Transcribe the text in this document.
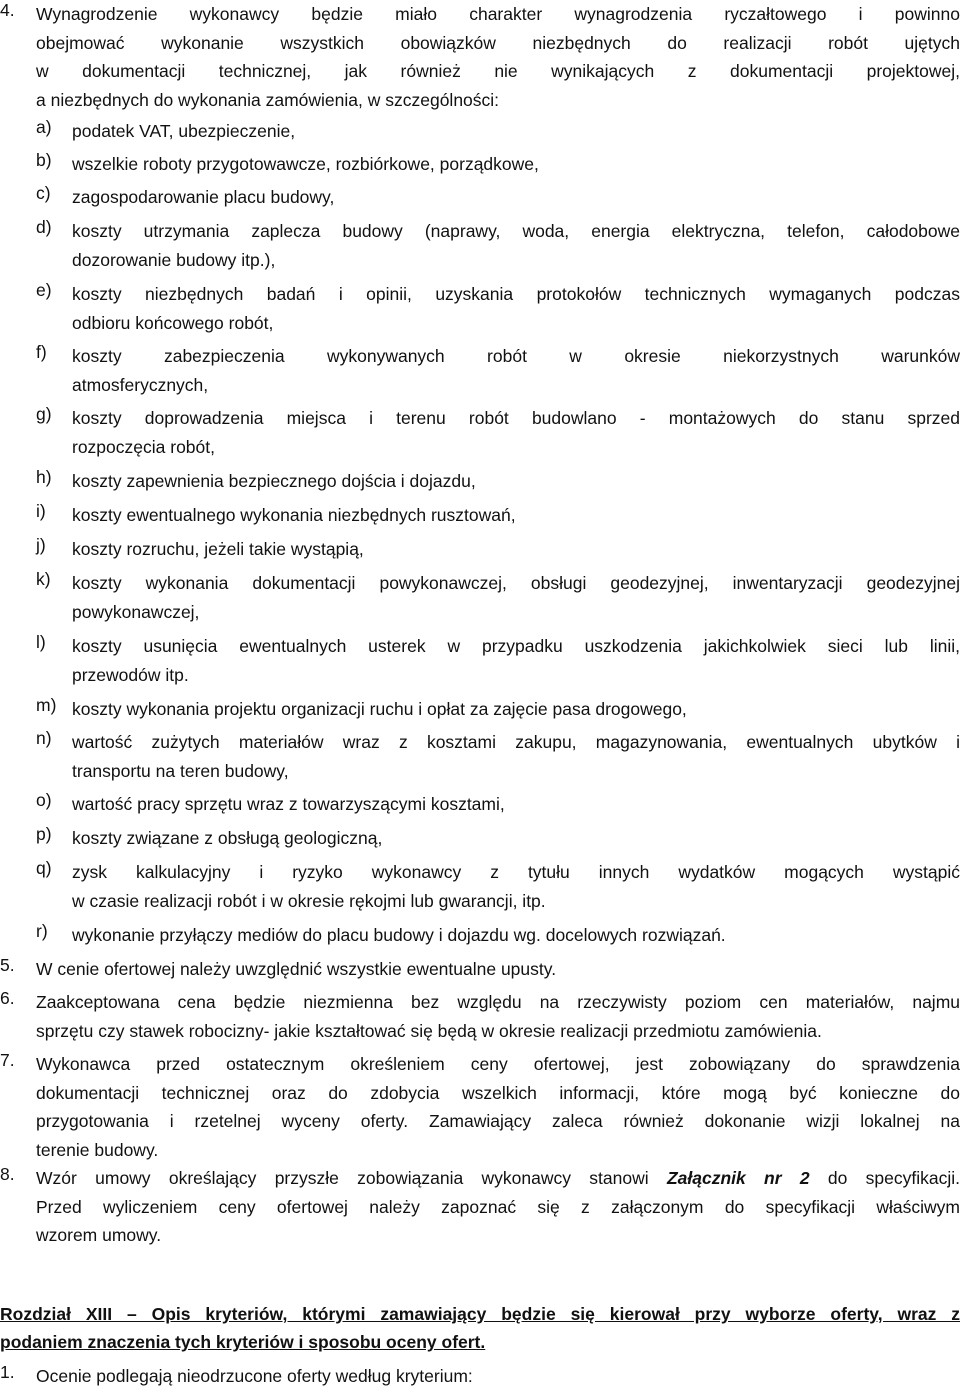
4.	Wynagrodzenie wykonawcy będzie miało charakter wynagrodzenia ryczałtowego i powinno
obejmować wykonanie wszystkich obowiązków niezbędnych do realizacji robót ujętych
w dokumentacji technicznej, jak również nie wynikających z dokumentacji projektowej,
a niezbędnych do wykonania zamówienia, w szczególności:
a)	podatek VAT, ubezpieczenie,
b)	wszelkie roboty przygotowawcze, rozbiórkowe, porządkowe,
c)	zagospodarowanie placu budowy,
d)	koszty utrzymania zaplecza budowy (naprawy, woda, energia elektryczna, telefon, całodobowe
dozorowanie budowy itp.),
e)	koszty niezbędnych badań i opinii, uzyskania protokołów technicznych wymaganych podczas
odbioru końcowego robót,
f)	koszty zabezpieczenia wykonywanych robót w okresie niekorzystnych warunków
atmosferycznych,
g)	koszty doprowadzenia miejsca i terenu robót budowlano - montażowych do stanu sprzed
rozpoczęcia robót,
h)	koszty zapewnienia bezpiecznego dojścia i dojazdu,
i)	koszty ewentualnego wykonania niezbędnych rusztowań,
j)	koszty rozruchu, jeżeli takie wystąpią,
k)	koszty wykonania dokumentacji powykonawczej, obsługi geodezyjnej, inwentaryzacji geodezyjnej
powykonawczej,
l)	koszty usunięcia ewentualnych usterek w przypadku uszkodzenia jakichkolwiek sieci lub linii,
przewodów itp.
m) koszty wykonania projektu organizacji ruchu i opłat za zajęcie pasa drogowego,
n)	wartość zużytych materiałów wraz z kosztami zakupu, magazynowania, ewentualnych ubytków i
transportu na teren budowy,
o)	wartość pracy sprzętu wraz z towarzyszącymi kosztami,
p)	koszty związane z obsługą geologiczną,
q)	zysk kalkulacyjny i ryzyko wykonawcy z tytułu innych wydatków mogących wystąpić
w czasie realizacji robót i w okresie rękojmi lub gwarancji, itp.
r)	wykonanie przyłączy mediów do placu budowy i dojazdu wg. docelowych rozwiązań.
5.	W cenie ofertowej należy uwzględnić wszystkie ewentualne upusty.
6.	Zaakceptowana cena będzie niezmienna bez względu na rzeczywisty poziom cen materiałów, najmu
sprzętu czy stawek robocizny- jakie kształtować się będą w okresie realizacji przedmiotu zamówienia.
7.	Wykonawca przed ostatecznym określeniem ceny ofertowej, jest zobowiązany do sprawdzenia
dokumentacji technicznej oraz do zdobycia wszelkich informacji, które mogą być konieczne do
przygotowania i rzetelnej wyceny oferty. Zamawiający zaleca również dokonanie wizji lokalnej na
terenie budowy.
8.	Wzór umowy określający przyszłe zobowiązania wykonawcy stanowi Załącznik nr 2 do specyfikacji.
Przed wyliczeniem ceny ofertowej należy zapoznać się z załączonym do specyfikacji właściwym
wzorem umowy.
Rozdział XIII – Opis kryteriów, którymi zamawiający będzie się kierował przy wyborze oferty, wraz z
podaniem znaczenia tych kryteriów i sposobu oceny ofert.
1.	Ocenie podlegają nieodrzucone oferty według kryterium:
